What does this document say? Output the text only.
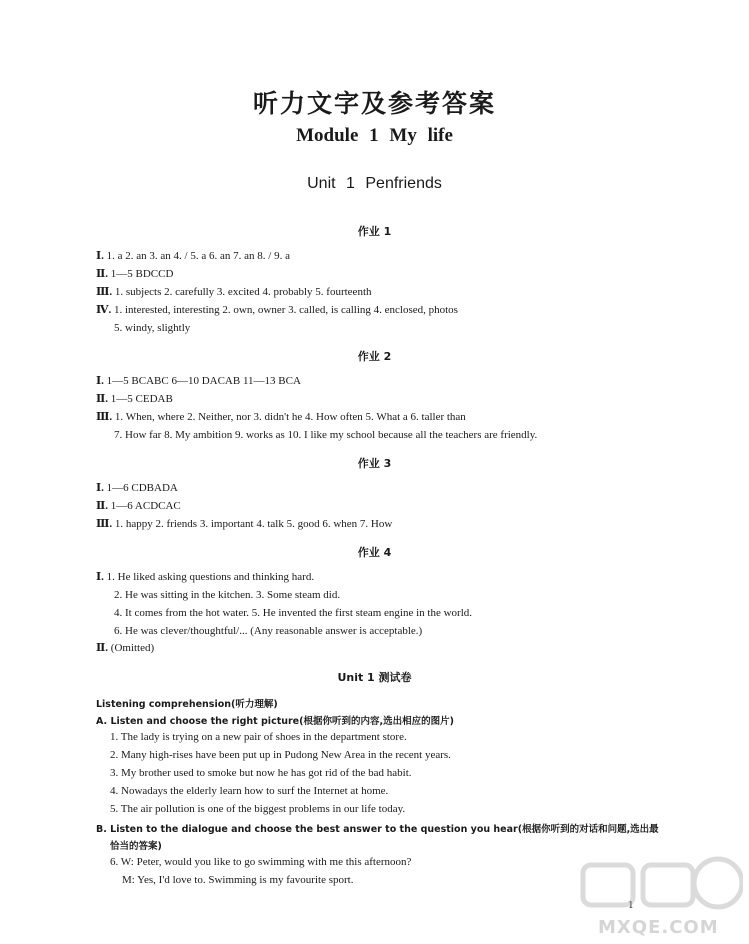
听力文字及参考答案
Module 1 My life
Unit 1 Penfriends
作业 1
Ⅰ. 1. a 2. an 3. an 4. / 5. a 6. an 7. an 8. / 9. a
Ⅱ. 1—5 BDCCD
Ⅲ. 1. subjects 2. carefully 3. excited 4. probably 5. fourteenth
Ⅳ. 1. interested, interesting 2. own, owner 3. called, is calling 4. enclosed, photos
5. windy, slightly
作业 2
Ⅰ. 1—5 BCABC 6—10 DACAB 11—13 BCA
Ⅱ. 1—5 CEDAB
Ⅲ. 1. When, where 2. Neither, nor 3. didn't he 4. How often 5. What a 6. taller than
7. How far 8. My ambition 9. works as 10. I like my school because all the teachers are friendly.
作业 3
Ⅰ. 1—6 CDBADA
Ⅱ. 1—6 ACDCAC
Ⅲ. 1. happy 2. friends 3. important 4. talk 5. good 6. when 7. How
作业 4
Ⅰ. 1. He liked asking questions and thinking hard.
2. He was sitting in the kitchen. 3. Some steam did.
4. It comes from the hot water. 5. He invented the first steam engine in the world.
6. He was clever/thoughtful/... (Any reasonable answer is acceptable.)
Ⅱ. (Omitted)
Unit 1 测试卷
Listening comprehension(听力理解)
A. Listen and choose the right picture(根据你听到的内容,选出相应的图片)
1. The lady is trying on a new pair of shoes in the department store.
2. Many high-rises have been put up in Pudong New Area in the recent years.
3. My brother used to smoke but now he has got rid of the bad habit.
4. Nowadays the elderly learn how to surf the Internet at home.
5. The air pollution is one of the biggest problems in our life today.
B. Listen to the dialogue and choose the best answer to the question you hear(根据你听到的对话和问题,选出最
恰当的答案)
6. W: Peter, would you like to go swimming with me this afternoon?
M: Yes, I'd love to. Swimming is my favourite sport.
1
MXQE.COM
